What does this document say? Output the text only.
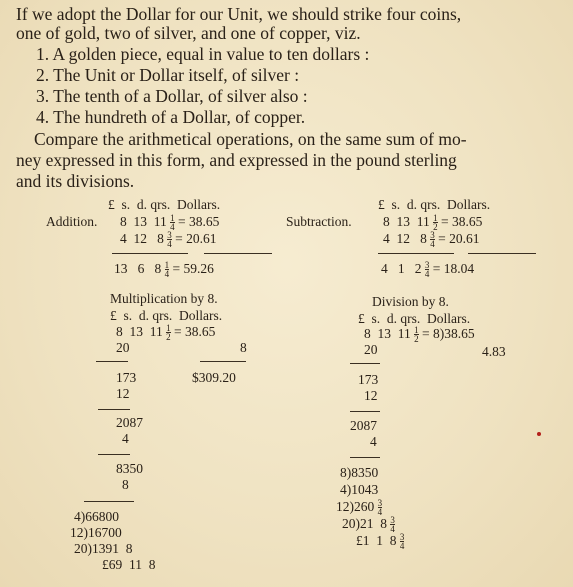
If we adopt the Dollar for our Unit, we should strike four coins,

one of gold, two of silver, and one of copper, viz.

1. A golden piece, equal in value to ten dollars :
2. The Unit or Dollar itself, of silver :
3. The tenth of a Dollar, of silver also :
4. The hundreth of a Dollar, of copper.

Compare the arithmetical operations, on the same sum of mo-

ney expressed in this form, and expressed in the pound sterling

and its divisions.

£  s.  d. qrs.  Dollars.
Addition. 8  13  $11 \frac{1}{4} = 38.65$
4  12   $8 \frac{3}{4} = 20.61$
13   6   $8 \frac{1}{4} = 59.26$
£  s.  d. qrs.  Dollars.
Subtraction. 8  13  $11 \frac{1}{2} = 38.65$
4  12   $8 \frac{3}{4} = 20.61$
4   1   $2 \frac{3}{4} = 18.04$
Multiplication by 8.
£  s.  d. qrs.  Dollars.
8  13  $11 \frac{1}{2} = 38.65$
20	8
173	$309.20
12
2087
4
8350
8
4)66800
12)16700
20)1391  8
£69  11  8
Division by 8.
£  s.  d. qrs.  Dollars.
8  13  $11 \frac{1}{2} = 8)38.65$
20	4.83
173
12
2087
4
8)8350
4)1043
$12)260 \frac{3}{4}$
20)21  $8 \frac{3}{4}$
£1  1  $8 \frac{3}{4}$
